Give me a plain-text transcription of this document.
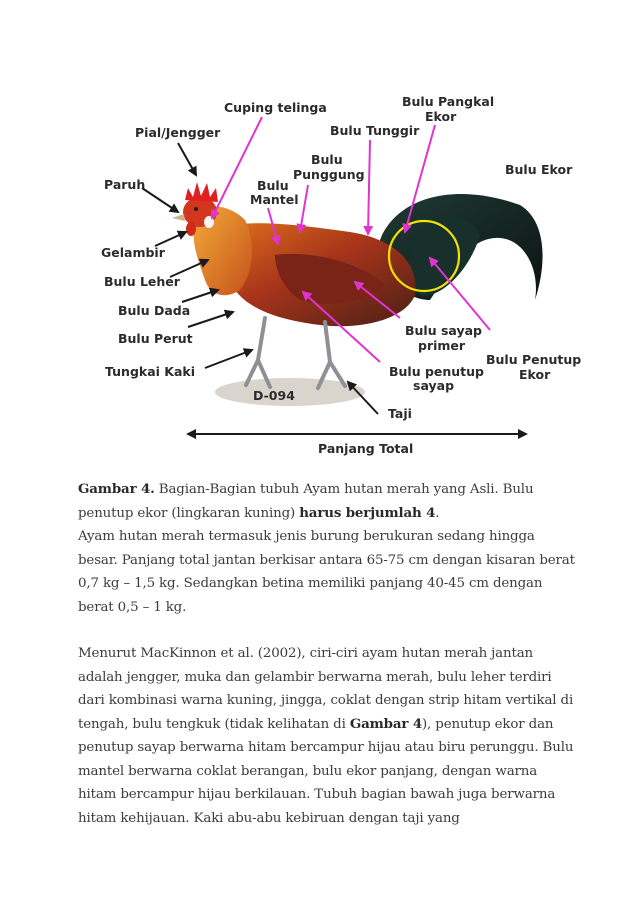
D-094
Cuping telinga
Pial/Jengger
Bulu Pangkal
Ekor
Bulu Tunggir
Bulu
Punggung
Bulu
Mantel
Paruh
Bulu Ekor
Gelambir
Bulu Leher
Bulu Dada
Bulu Perut
Bulu sayap
primer
Bulu Penutup
Ekor
Tungkai Kaki	Bulu penutup
sayap
Taji
Panjang Total

Gambar 4. Bagian-Bagian tubuh Ayam hutan merah yang Asli. Bulu penutup ekor (lingkaran kuning) harus berjumlah 4.

Ayam hutan merah termasuk jenis burung berukuran sedang hingga besar. Panjang total jantan berkisar antara 65-75 cm dengan kisaran berat 0,7 kg – 1,5 kg. Sedangkan betina memiliki panjang 40-45 cm dengan berat 0,5 – 1 kg.

Menurut MacKinnon et al. (2002), ciri-ciri ayam hutan merah jantan adalah jengger, muka dan gelambir berwarna merah, bulu leher terdiri dari kombinasi warna kuning, jingga, coklat dengan strip hitam vertikal di tengah, bulu tengkuk (tidak kelihatan di Gambar 4), penutup ekor dan penutup sayap berwarna hitam bercampur hijau atau biru perunggu. Bulu mantel berwarna coklat berangan, bulu ekor panjang, dengan warna hitam bercampur hijau berkilauan. Tubuh bagian bawah juga berwarna hitam kehijauan. Kaki abu-abu kebiruan dengan taji yang
